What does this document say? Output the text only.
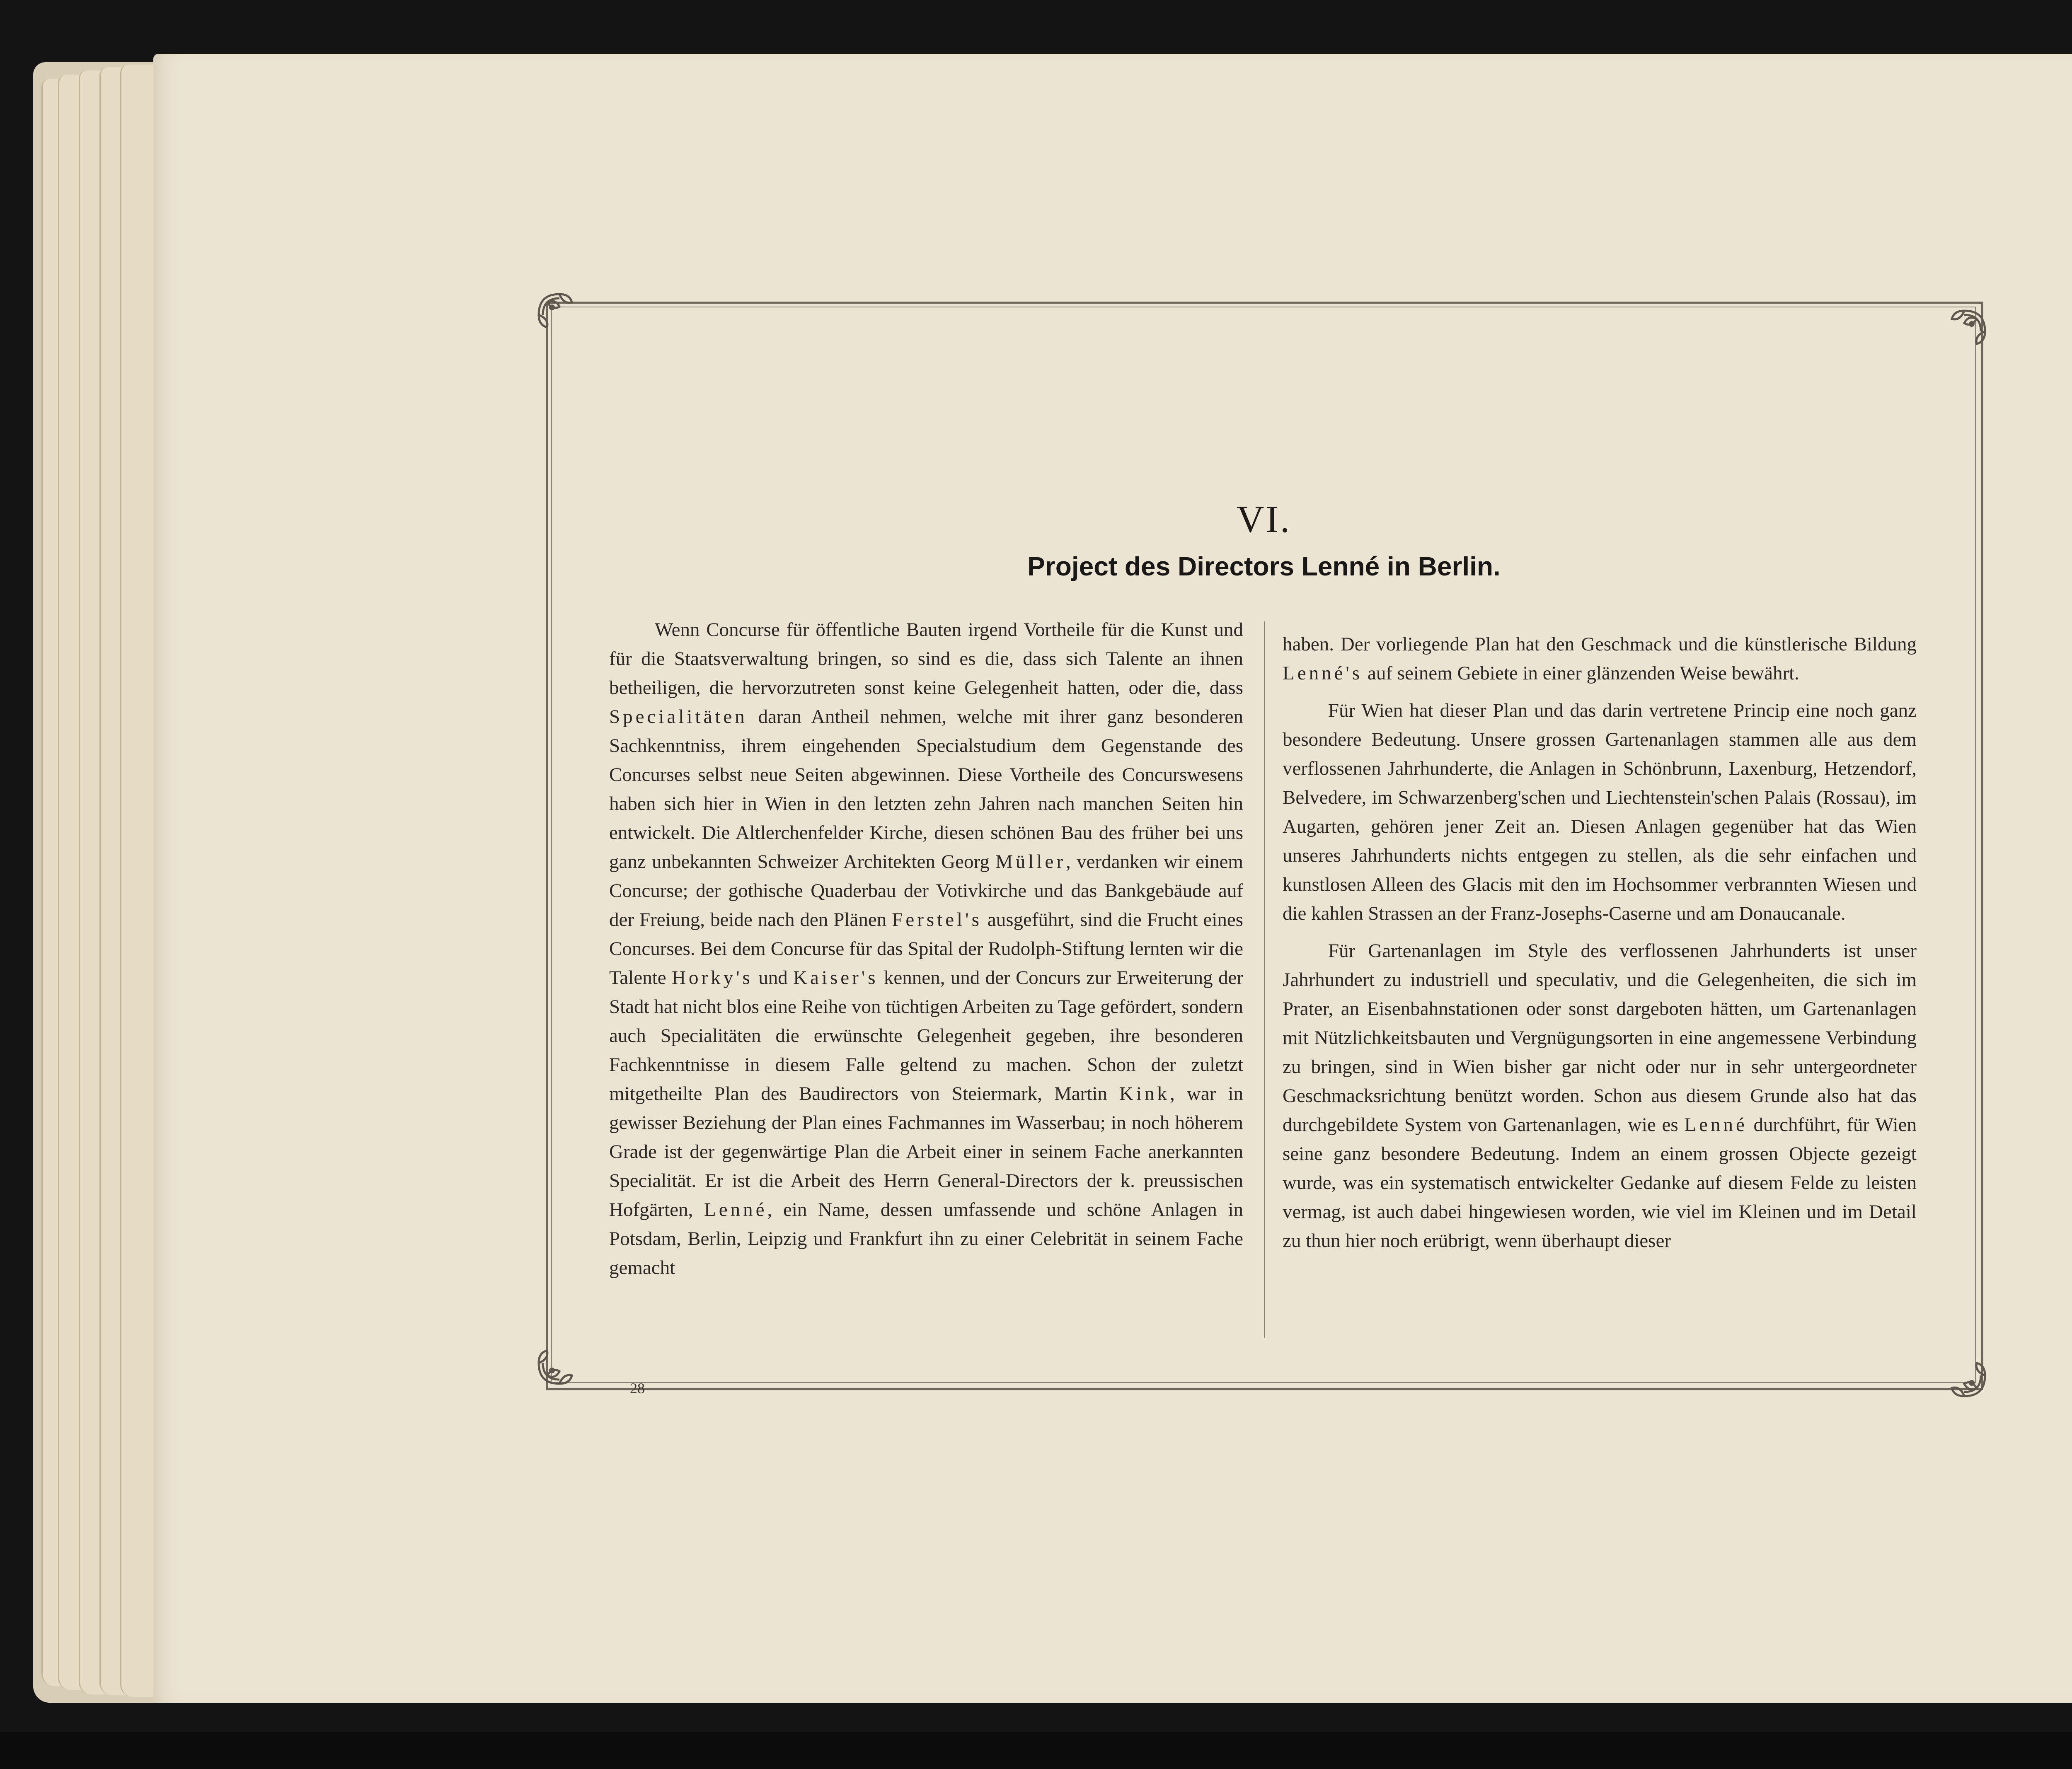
VI.
Project des Directors Lenné in Berlin.

Wenn Concurse für öffentliche Bauten irgend Vortheile für die Kunst und für die Staatsverwaltung bringen, so sind es die, dass sich Talente an ihnen betheiligen, die hervorzutreten sonst keine Gelegenheit hatten, oder die, dass Specialitäten daran Antheil nehmen, welche mit ihrer ganz besonderen Sachkenntniss, ihrem eingehenden Specialstudium dem Gegenstande des Concurses selbst neue Seiten abgewinnen. Diese Vortheile des Concurswesens haben sich hier in Wien in den letzten zehn Jahren nach manchen Seiten hin entwickelt. Die Altlerchenfelder Kirche, diesen schönen Bau des früher bei uns ganz unbekannten Schweizer Architekten Georg Müller, verdanken wir einem Concurse; der gothische Quaderbau der Votivkirche und das Bankgebäude auf der Freiung, beide nach den Plänen Ferstel's ausgeführt, sind die Frucht eines Concurses. Bei dem Concurse für das Spital der Rudolph-Stiftung lernten wir die Talente Horky's und Kaiser's kennen, und der Concurs zur Erweiterung der Stadt hat nicht blos eine Reihe von tüchtigen Arbeiten zu Tage gefördert, sondern auch Specialitäten die erwünschte Gelegenheit gegeben, ihre besonderen Fachkenntnisse in diesem Falle geltend zu machen. Schon der zuletzt mitgetheilte Plan des Baudirectors von Steiermark, Martin Kink, war in gewisser Beziehung der Plan eines Fachmannes im Wasserbau; in noch höherem Grade ist der gegenwärtige Plan die Arbeit einer in seinem Fache anerkannten Specialität. Er ist die Arbeit des Herrn General-Directors der k. preussischen Hofgärten, Lenné, ein Name, dessen umfassende und schöne Anlagen in Potsdam, Berlin, Leipzig und Frankfurt ihn zu einer Celebrität in seinem Fache gemacht

haben. Der vorliegende Plan hat den Geschmack und die künstlerische Bildung Lenné's auf seinem Gebiete in einer glänzenden Weise bewährt.

Für Wien hat dieser Plan und das darin vertretene Princip eine noch ganz besondere Bedeutung. Unsere grossen Gartenanlagen stammen alle aus dem verflossenen Jahrhunderte, die Anlagen in Schönbrunn, Laxenburg, Hetzendorf, Belvedere, im Schwarzenberg'schen und Liechtenstein'schen Palais (Rossau), im Augarten, gehören jener Zeit an. Diesen Anlagen gegenüber hat das Wien unseres Jahrhunderts nichts entgegen zu stellen, als die sehr einfachen und kunstlosen Alleen des Glacis mit den im Hochsommer verbrannten Wiesen und die kahlen Strassen an der Franz-Josephs-Caserne und am Donaucanale.

Für Gartenanlagen im Style des verflossenen Jahrhunderts ist unser Jahrhundert zu industriell und speculativ, und die Gelegenheiten, die sich im Prater, an Eisenbahnstationen oder sonst dargeboten hätten, um Gartenanlagen mit Nützlichkeitsbauten und Vergnügungsorten in eine angemessene Verbindung zu bringen, sind in Wien bisher gar nicht oder nur in sehr untergeordneter Geschmacksrichtung benützt worden. Schon aus diesem Grunde also hat das durchgebildete System von Gartenanlagen, wie es Lenné durchführt, für Wien seine ganz besondere Bedeutung. Indem an einem grossen Objecte gezeigt wurde, was ein systematisch entwickelter Gedanke auf diesem Felde zu leisten vermag, ist auch dabei hingewiesen worden, wie viel im Kleinen und im Detail zu thun hier noch erübrigt, wenn überhaupt dieser

28
